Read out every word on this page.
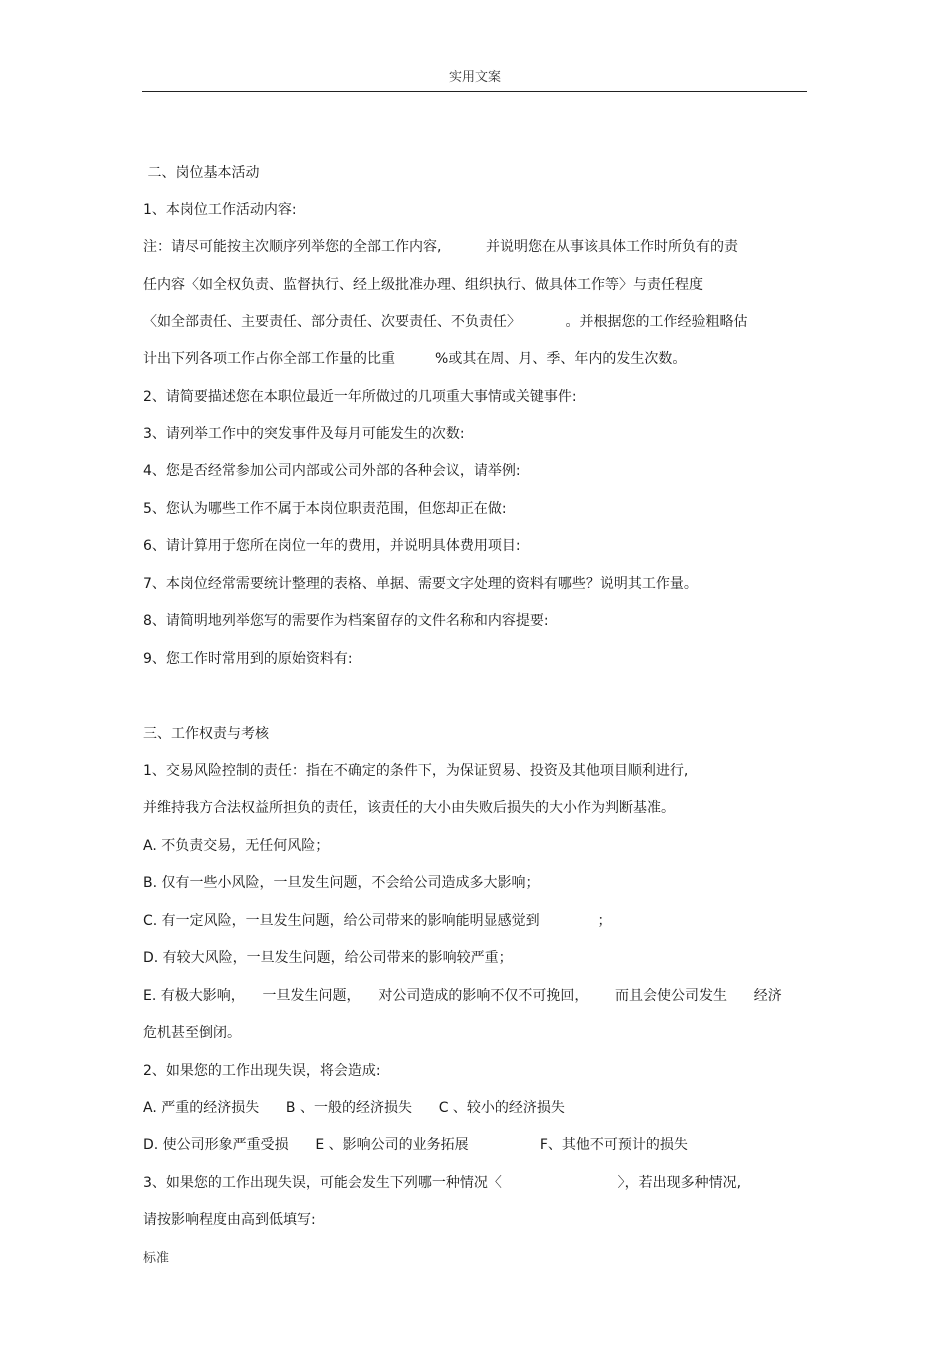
实用文案
二、岗位基本活动
1、本岗位工作活动内容:
注：请尽可能按主次顺序列举您的全部工作内容,          并说明您在从事该具体工作时所负有的责
任内容〈如全权负责、监督执行、经上级批准办理、组织执行、做具体工作等〉与责任程度
〈如全部责任、主要责任、部分责任、次要责任、不负责任〉          。并根据您的工作经验粗略估
计出下列各项工作占你全部工作量的比重         %或其在周、月、季、年内的发生次数。
2、请简要描述您在本职位最近一年所做过的几项重大事情或关键事件:
3、请列举工作中的突发事件及每月可能发生的次数:
4、您是否经常参加公司内部或公司外部的各种会议，请举例:
5、您认为哪些工作不属于本岗位职责范围，但您却正在做:
6、请计算用于您所在岗位一年的费用，并说明具体费用项目:
7、本岗位经常需要统计整理的表格、单据、需要文字处理的资料有哪些？说明其工作量。
8、请简明地列举您写的需要作为档案留存的文件名称和内容提要:
9、您工作时常用到的原始资料有:
三、工作权责与考核
1、交易风险控制的责任：指在不确定的条件下，为保证贸易、投资及其他项目顺利进行,
并维持我方合法权益所担负的责任，该责任的大小由失败后损失的大小作为判断基准。
A. 不负责交易，无任何风险；
B. 仅有一些小风险，一旦发生问题，不会给公司造成多大影响；
C. 有一定风险，一旦发生问题，给公司带来的影响能明显感觉到             ；
D. 有较大风险，一旦发生问题，给公司带来的影响较严重；
E. 有极大影响，    一旦发生问题，    对公司造成的影响不仅不可挽回，      而且会使公司发生      经济
危机甚至倒闭。
2、如果您的工作出现失误，将会造成:
A. 严重的经济损失      B 、一般的经济损失      C 、较小的经济损失
D. 使公司形象严重受损      E 、影响公司的业务拓展                F、其他不可预计的损失
3、如果您的工作出现失误，可能会发生下列哪一种情况〈                          〉，若出现多种情况,
请按影响程度由高到低填写:
标准
